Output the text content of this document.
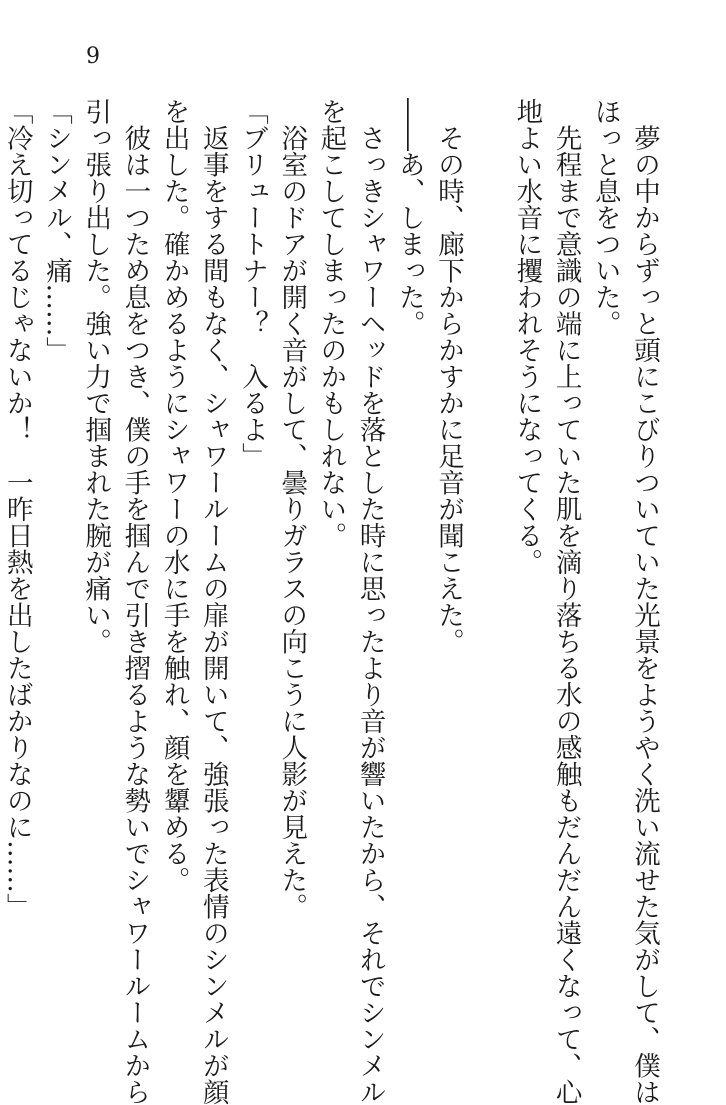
9
　夢の中からずっと頭にこびりついていた光景をようやく洗い流せた気がして、僕は
ほっと息をついた。
　先程まで意識の端に上っていた肌を滴り落ちる水の感触もだんだん遠くなって、心
地よい水音に攫われそうになってくる。
　その時、廊下からかすかに足音が聞こえた。
――あ、しまった。
　さっきシャワーヘッドを落とした時に思ったより音が響いたから、それでシンメル
を起こしてしまったのかもしれない。
　浴室のドアが開く音がして、曇りガラスの向こうに人影が見えた。
「ブリュートナー？　入るよ」
　返事をする間もなく、シャワールームの扉が開いて、強張った表情のシンメルが顔
を出した。確かめるようにシャワーの水に手を触れ、顔を顰める。
　彼は一つため息をつき、僕の手を掴んで引き摺るような勢いでシャワールームから
引っ張り出した。強い力で掴まれた腕が痛い。
「シンメル、痛……」
「冷え切ってるじゃないか！　一昨日熱を出したばかりなのに……」
